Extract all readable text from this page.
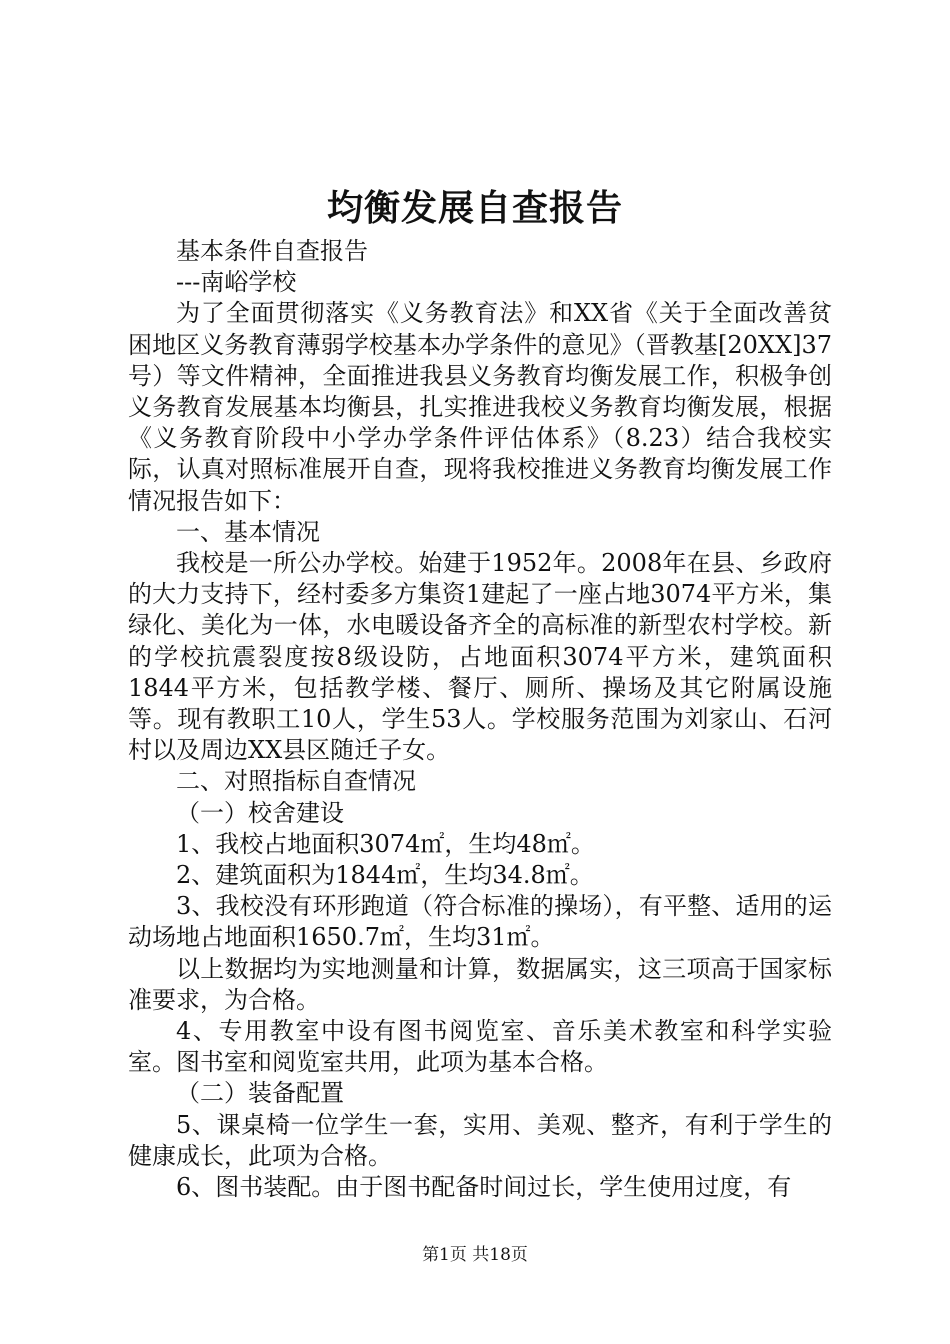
均衡发展自查报告

基本条件自查报告

---南峪学校

为了全面贯彻落实《义务教育法》和XX省《关于全面改善贫困地区义务教育薄弱学校基本办学条件的意见》（晋教基[20XX]37号）等文件精神，全面推进我县义务教育均衡发展工作，积极争创义务教育发展基本均衡县，扎实推进我校义务教育均衡发展，根据《义务教育阶段中小学办学条件评估体系》（8.23）结合我校实际，认真对照标准展开自查，现将我校推进义务教育均衡发展工作情况报告如下：

一、基本情况

我校是一所公办学校。始建于1952年。2008年在县、乡政府的大力支持下，经村委多方集资1建起了一座占地3074平方米，集绿化、美化为一体，水电暖设备齐全的高标准的新型农村学校。新的学校抗震裂度按8级设防，占地面积3074平方米，建筑面积1844平方米，包括教学楼、餐厅、厕所、操场及其它附属设施等。现有教职工10人，学生53人。学校服务范围为刘家山、石河村以及周边XX县区随迁子女。

二、对照指标自查情况

（一）校舍建设

1、我校占地面积3074㎡，生均48㎡。

2、建筑面积为1844㎡，生均34.8㎡。

3、我校没有环形跑道（符合标准的操场），有平整、适用的运动场地占地面积1650.7㎡，生均31㎡。

以上数据均为实地测量和计算，数据属实，这三项高于国家标准要求，为合格。

4、专用教室中设有图书阅览室、音乐美术教室和科学实验室。图书室和阅览室共用，此项为基本合格。

（二）装备配置

5、课桌椅一位学生一套，实用、美观、整齐，有利于学生的健康成长，此项为合格。

6、图书装配。由于图书配备时间过长，学生使用过度，有

第1页 共18页
